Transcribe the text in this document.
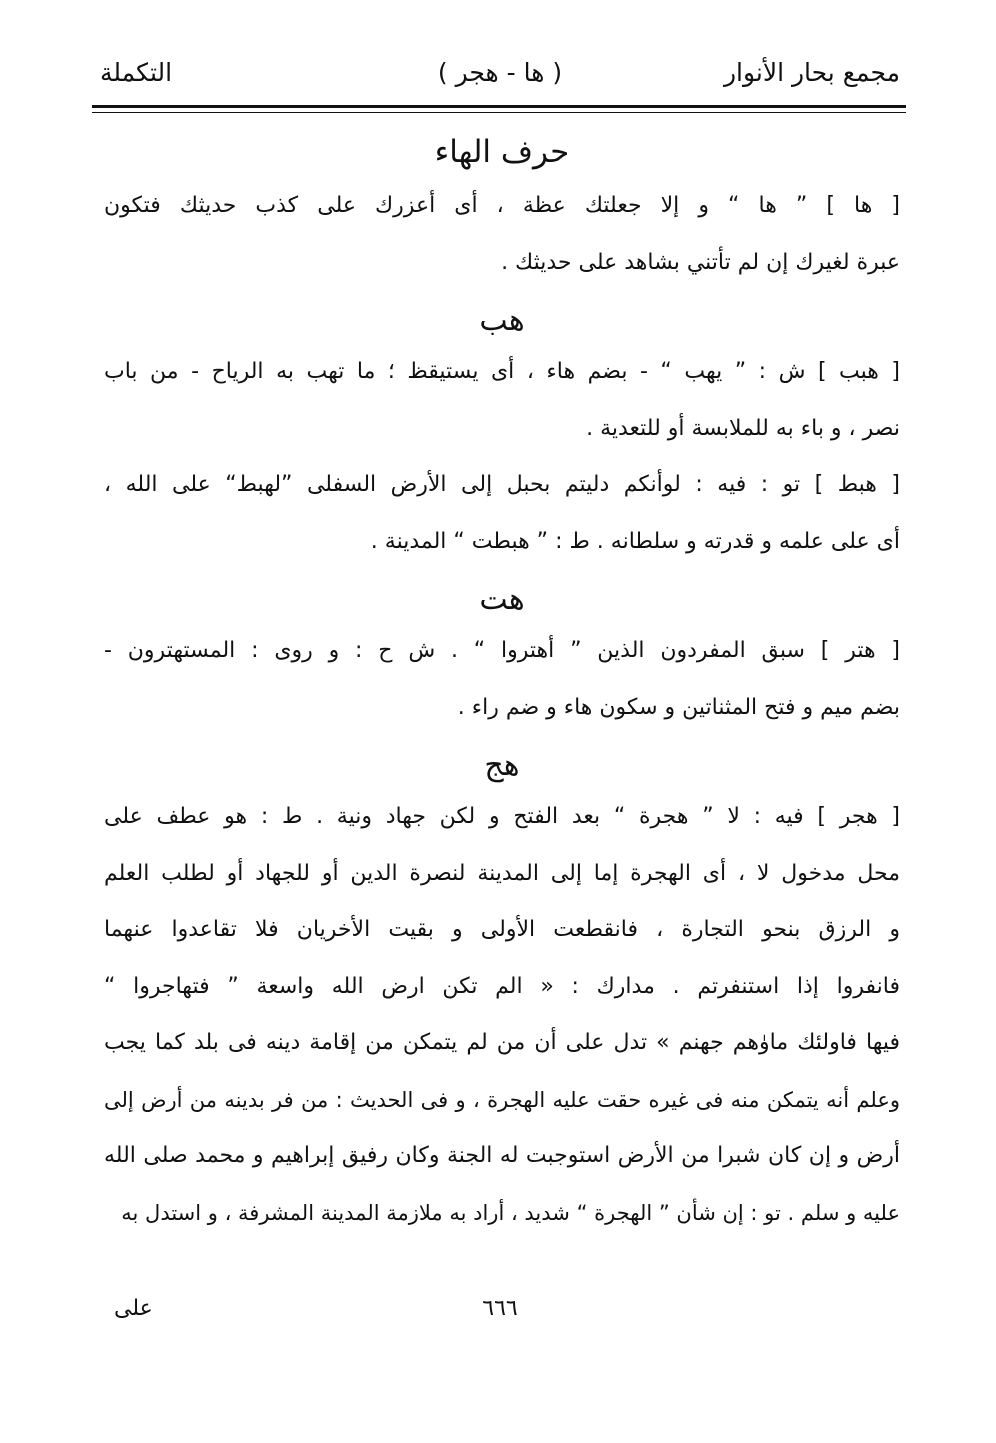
مجمع بحار الأنوار
( ها - هجر )
التكملة
حرف الهاء
[ ها ] ” ها “ و إلا جعلتك عظة ، أى أعزرك على كذب حديثك فتكون
عبرة لغيرك إن لم تأتني بشاهد على حديثك .
هب
[ هبب ] ش : ” يهب “ - بضم هاء ، أى يستيقظ ؛ ما تهب به الرياح - من باب
نصر ، و باء به للملابسة أو للتعدية .
[ هبط ] تو : فيه : لوأنكم دليتم بحبل إلى الأرض السفلى ”لهبط“ على الله ،
أى على علمه و قدرته و سلطانه . ط : ” هبطت “ المدينة .
هت
[ هتر ] سبق المفردون الذين ” أهتروا “ . ش ح : و روى : المستهترون -
بضم ميم و فتح المثناتين و سكون هاء و ضم راء .
هج
[ هجر ] فيه : لا ” هجرة “ بعد الفتح و لكن جهاد ونية . ط : هو عطف على
محل مدخول لا ، أى الهجرة إما إلى المدينة لنصرة الدين أو للجهاد أو لطلب العلم
و الرزق بنحو التجارة ، فانقطعت الأولى و بقيت الأخريان فلا تقاعدوا عنهما
فانفروا إذا استنفرتم . مدارك : « الم تكن ارض الله واسعة ” فتهاجروا “
فيها فاولئك ماوٰهم جهنم » تدل على أن من لم يتمكن من إقامة دينه فى بلد كما يجب
وعلم أنه يتمكن منه فى غيره حقت عليه الهجرة ، و فى الحديث : من فر بدينه من أرض إلى
أرض و إن كان شبرا من الأرض استوجبت له الجنة وكان رفيق إبراهيم و محمد صلى الله
عليه و سلم . تو : إن شأن ” الهجرة “ شديد ، أراد به ملازمة المدينة المشرفة ، و استدل به
٦٦٦
على
